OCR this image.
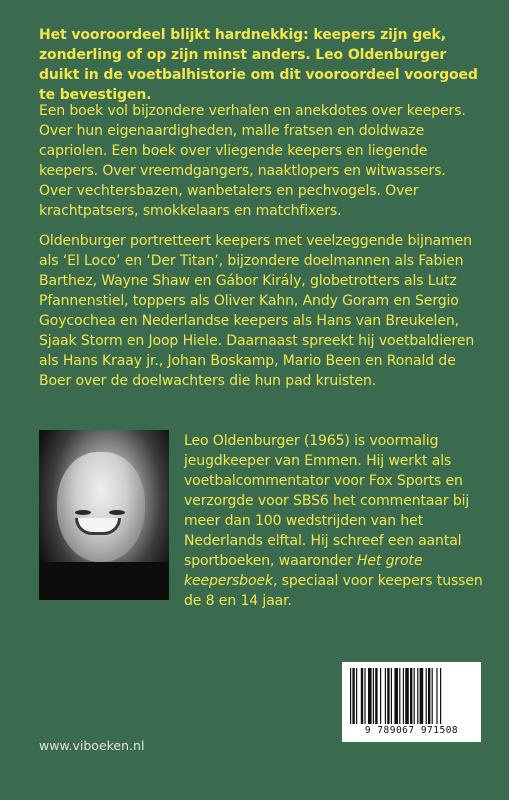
Het vooroordeel blijkt hardnekkig: keepers zijn gek, zonderling of op zijn minst anders. Leo Oldenburger duikt in de voetbalhistorie om dit vooroordeel voorgoed te bevestigen.
Een boek vol bijzondere verhalen en anekdotes over keepers. Over hun eigenaardigheden, malle fratsen en doldwaze capriolen. Een boek over vliegende keepers en liegende keepers. Over vreemdgangers, naaktlopers en witwassers. Over vechtersbazen, wanbetalers en pechvogels. Over krachtpatsers, smokkelaars en matchfixers.
Oldenburger portretteert keepers met veelzeggende bijnamen als ‘El Loco’ en ‘Der Titan’, bijzondere doelmannen als Fabien Barthez, Wayne Shaw en Gábor Király, globetrotters als Lutz Pfannenstiel, toppers als Oliver Kahn, Andy Goram en Sergio Goycochea en Nederlandse keepers als Hans van Breukelen, Sjaak Storm en Joop Hiele. Daarnaast spreekt hij voetbaldieren als Hans Kraay jr., Johan Boskamp, Mario Been en Ronald de Boer over de doelwachters die hun pad kruisten.
Leo Oldenburger (1965) is voormalig jeugdkeeper van Emmen. Hij werkt als voetbalcommentator voor Fox Sports en verzorgde voor SBS6 het commentaar bij meer dan 100 wedstrijden van het Nederlands elftal. Hij schreef een aantal sportboeken, waaronder Het grote keepersboek, speciaal voor keepers tussen de 8 en 14 jaar.
9 789067 971508
www.viboeken.nl
